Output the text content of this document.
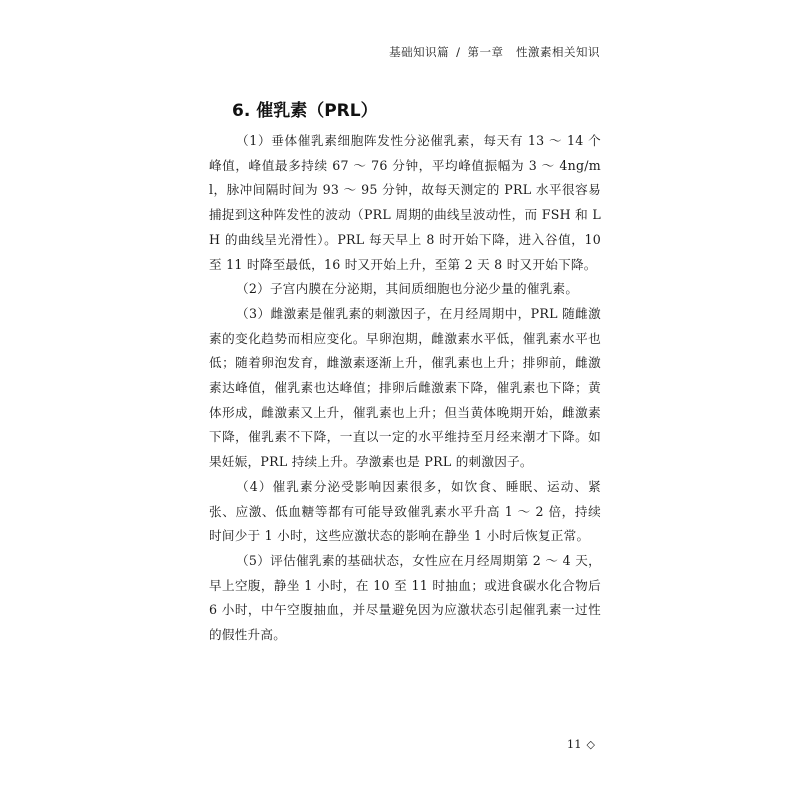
基础知识篇 / 第一章 性激素相关知识
6. 催乳素（PRL）

（1）垂体催乳素细胞阵发性分泌催乳素，每天有 13 ～ 14 个峰值，峰值最多持续 67 ～ 76 分钟，平均峰值振幅为 3 ～ 4ng/ml，脉冲间隔时间为 93 ～ 95 分钟，故每天测定的 PRL 水平很容易捕捉到这种阵发性的波动（PRL 周期的曲线呈波动性，而 FSH 和 LH 的曲线呈光滑性）。PRL 每天早上 8 时开始下降，进入谷值，10 至 11 时降至最低，16 时又开始上升，至第 2 天 8 时又开始下降。

（2）子宫内膜在分泌期，其间质细胞也分泌少量的催乳素。

（3）雌激素是催乳素的刺激因子，在月经周期中，PRL 随雌激素的变化趋势而相应变化。早卵泡期，雌激素水平低，催乳素水平也低；随着卵泡发育，雌激素逐渐上升，催乳素也上升；排卵前，雌激素达峰值，催乳素也达峰值；排卵后雌激素下降，催乳素也下降；黄体形成，雌激素又上升，催乳素也上升；但当黄体晚期开始，雌激素下降，催乳素不下降，一直以一定的水平维持至月经来潮才下降。如果妊娠，PRL 持续上升。孕激素也是 PRL 的刺激因子。

（4）催乳素分泌受影响因素很多，如饮食、睡眠、运动、紧张、应激、低血糖等都有可能导致催乳素水平升高 1 ～ 2 倍，持续时间少于 1 小时，这些应激状态的影响在静坐 1 小时后恢复正常。

（5）评估催乳素的基础状态，女性应在月经周期第 2 ～ 4 天，早上空腹，静坐 1 小时，在 10 至 11 时抽血；或进食碳水化合物后 6 小时，中午空腹抽血，并尽量避免因为应激状态引起催乳素一过性的假性升高。

11 ◇
